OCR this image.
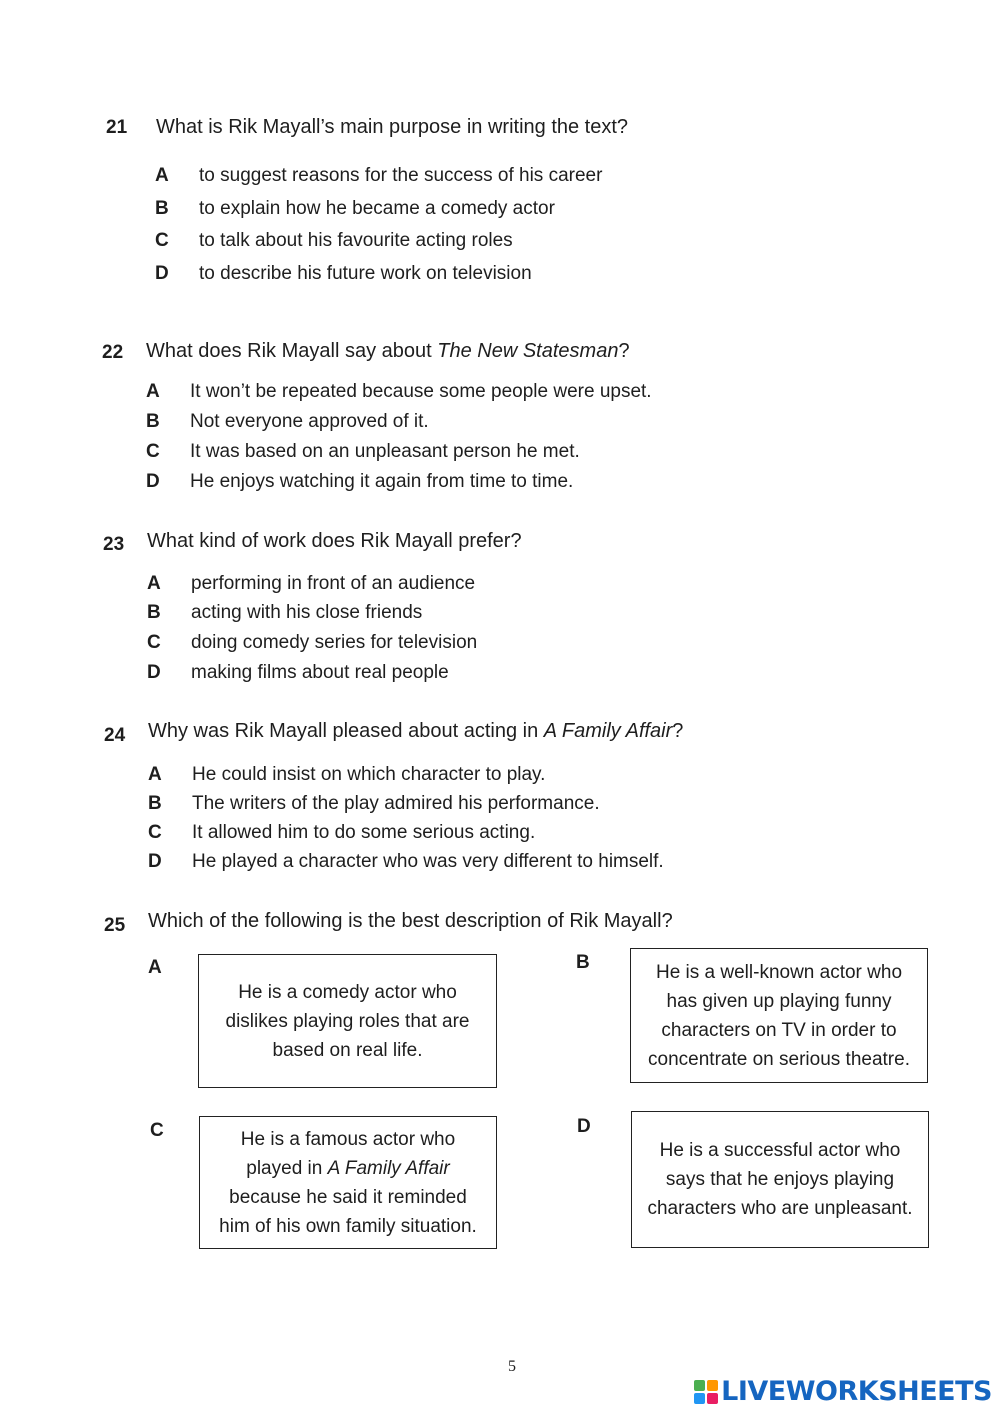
21 What is Rik Mayall’s main purpose in writing the text?
A to suggest reasons for the success of his career
B to explain how he became a comedy actor
C to talk about his favourite acting roles
D to describe his future work on television
22 What does Rik Mayall say about The New Statesman?
A It won’t be repeated because some people were upset.
B Not everyone approved of it.
C It was based on an unpleasant person he met.
D He enjoys watching it again from time to time.
23 What kind of work does Rik Mayall prefer?
A performing in front of an audience
B acting with his close friends
C doing comedy series for television
D making films about real people
24 Why was Rik Mayall pleased about acting in A Family Affair?
A He could insist on which character to play.
B The writers of the play admired his performance.
C It allowed him to do some serious acting.
D He played a character who was very different to himself.
25 Which of the following is the best description of Rik Mayall?
A
He is a comedy actor who
dislikes playing roles that are
based on real life.
B	He is a well-known actor who
has given up playing funny
characters on TV in order to
concentrate on serious theatre.
C	He is a famous actor who
played in A Family Affair
because he said it reminded
him of his own family situation.
D
He is a successful actor who
says that he enjoys playing
characters who are unpleasant.
5
LIVEWORKSHEETS
